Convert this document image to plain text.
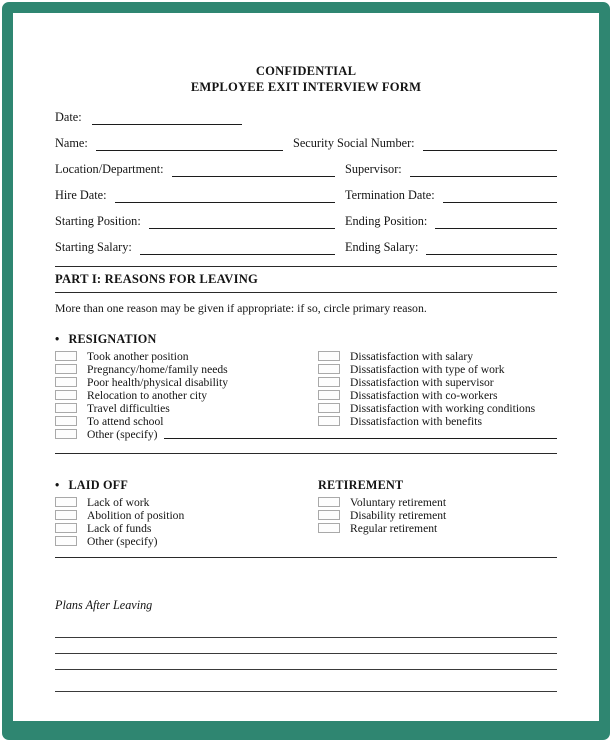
CONFIDENTIAL
EMPLOYEE EXIT INTERVIEW FORM
Date:
Name:	Security Social Number:
Location/Department:	Supervisor:
Hire Date:	Termination Date:
Starting Position:	Ending Position:
Starting Salary:	Ending Salary:
PART I: REASONS FOR LEAVING
More than one reason may be given if appropriate: if so, circle primary reason.
• RESIGNATION
Took another position
Pregnancy/home/family needs
Poor health/physical disability
Relocation to another city
Travel difficulties
To attend school
Dissatisfaction with salary
Dissatisfaction with type of work
Dissatisfaction with supervisor
Dissatisfaction with co-workers
Dissatisfaction with working conditions
Dissatisfaction with benefits
Other (specify)
• LAID OFF
Lack of work
Abolition of position
Lack of funds
Other (specify)
RETIREMENT
Voluntary retirement
Disability retirement
Regular retirement
Plans After Leaving
